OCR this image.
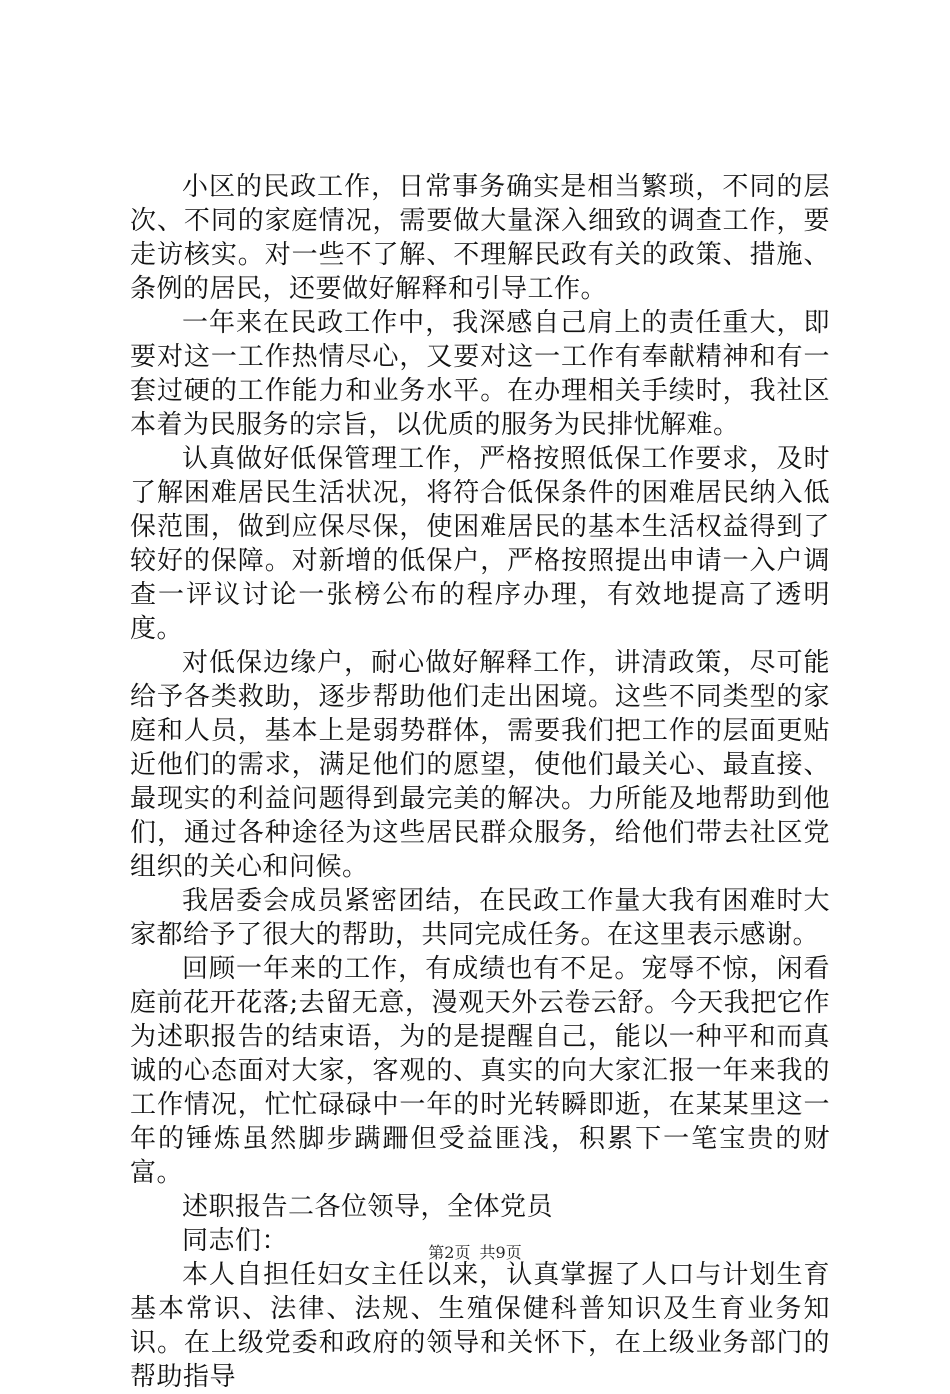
小区的民政工作，日常事务确实是相当繁琐，不同的层次、不同的家庭情况，需要做大量深入细致的调查工作，要走访核实。对一些不了解、不理解民政有关的政策、措施、条例的居民，还要做好解释和引导工作。

一年来在民政工作中，我深感自己肩上的责任重大，即要对这一工作热情尽心，又要对这一工作有奉献精神和有一套过硬的工作能力和业务水平。在办理相关手续时，我社区本着为民服务的宗旨，以优质的服务为民排忧解难。

认真做好低保管理工作，严格按照低保工作要求，及时了解困难居民生活状况，将符合低保条件的困难居民纳入低保范围，做到应保尽保，使困难居民的基本生活权益得到了较好的保障。对新增的低保户，严格按照提出申请一入户调查一评议讨论一张榜公布的程序办理，有效地提高了透明度。

对低保边缘户，耐心做好解释工作，讲清政策，尽可能给予各类救助，逐步帮助他们走出困境。这些不同类型的家庭和人员，基本上是弱势群体，需要我们把工作的层面更贴近他们的需求，满足他们的愿望，使他们最关心、最直接、最现实的利益问题得到最完美的解决。力所能及地帮助到他们，通过各种途径为这些居民群众服务，给他们带去社区党组织的关心和问候。

我居委会成员紧密团结，在民政工作量大我有困难时大家都给予了很大的帮助，共同完成任务。在这里表示感谢。

回顾一年来的工作，有成绩也有不足。宠辱不惊，闲看庭前花开花落;去留无意，漫观天外云卷云舒。今天我把它作为述职报告的结束语，为的是提醒自己，能以一种平和而真诚的心态面对大家，客观的、真实的向大家汇报一年来我的工作情况，忙忙碌碌中一年的时光转瞬即逝，在某某里这一年的锤炼虽然脚步蹒跚但受益匪浅，积累下一笔宝贵的财富。

述职报告二各位领导，全体党员

同志们：

本人自担任妇女主任以来，认真掌握了人口与计划生育基本常识、法律、法规、生殖保健科普知识及生育业务知识。在上级党委和政府的领导和关怀下，在上级业务部门的帮助指导

第2页 共9页
